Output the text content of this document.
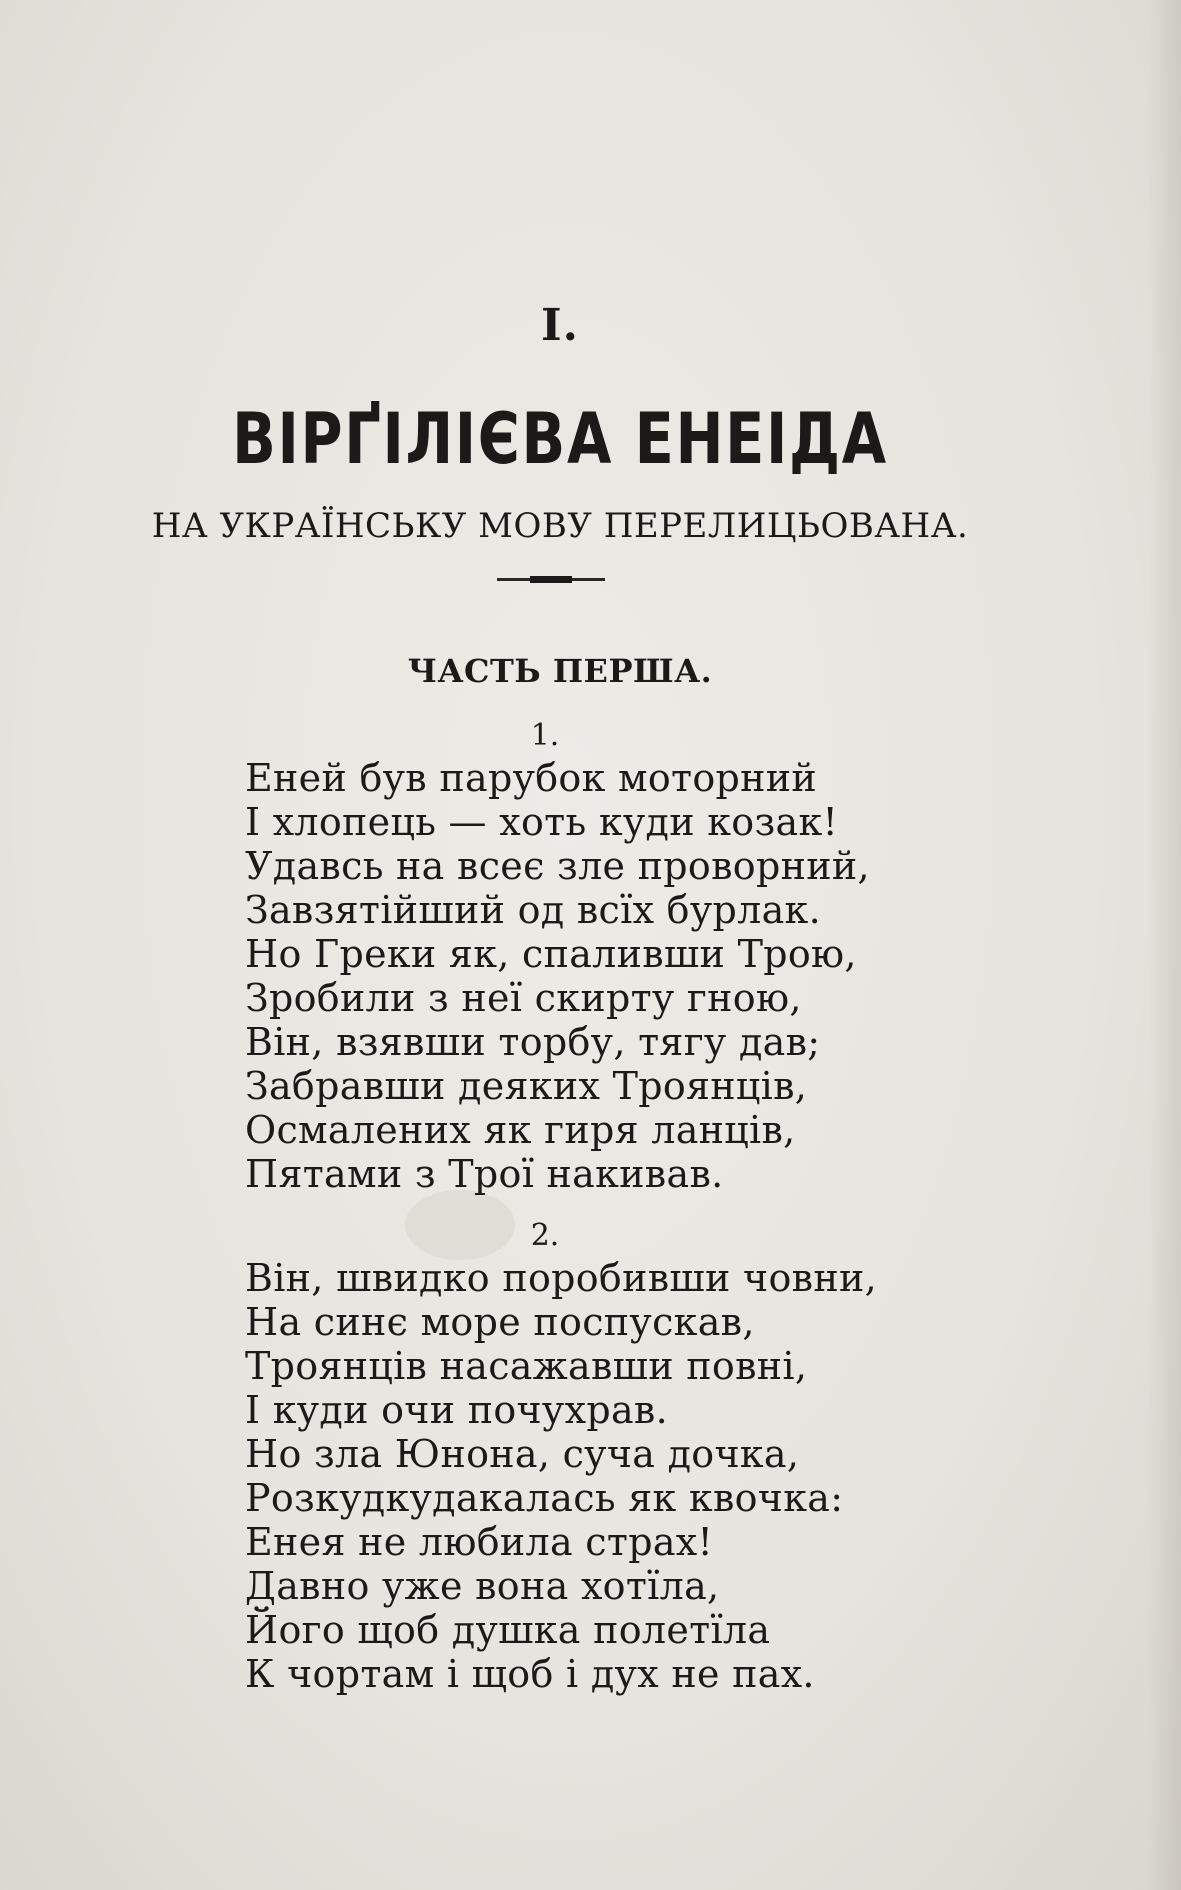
I.
ВІРҐІЛІЄВА ЕНЕІДА
НА УКРАЇНСЬКУ МОВУ ПЕРЕЛИЦЬОВАНА.
ЧАСТЬ ПЕРША.
1.
Еней був парубок моторний
І хлопець — хоть куди козак!
Удавсь на всеє зле проворний,
Завзятійший од всїх бурлак.
Но Греки як, спаливши Трою,
Зробили з неї скирту гною,
Він, взявши торбу, тягу дав;
Забравши деяких Троянців,
Осмалених як гиря ланців,
Пятами з Трої накивав.
2.
Він, швидко поробивши човни,
На синє море поспускав,
Троянців насажавши повні,
І куди очи почухрав.
Но зла Юнона, суча дочка,
Розкудкудакалась як квочка:
Енея не любила страх!
Давно уже вона хотїла,
Його щоб душка полетїла
К чортам і щоб і дух не пах.
